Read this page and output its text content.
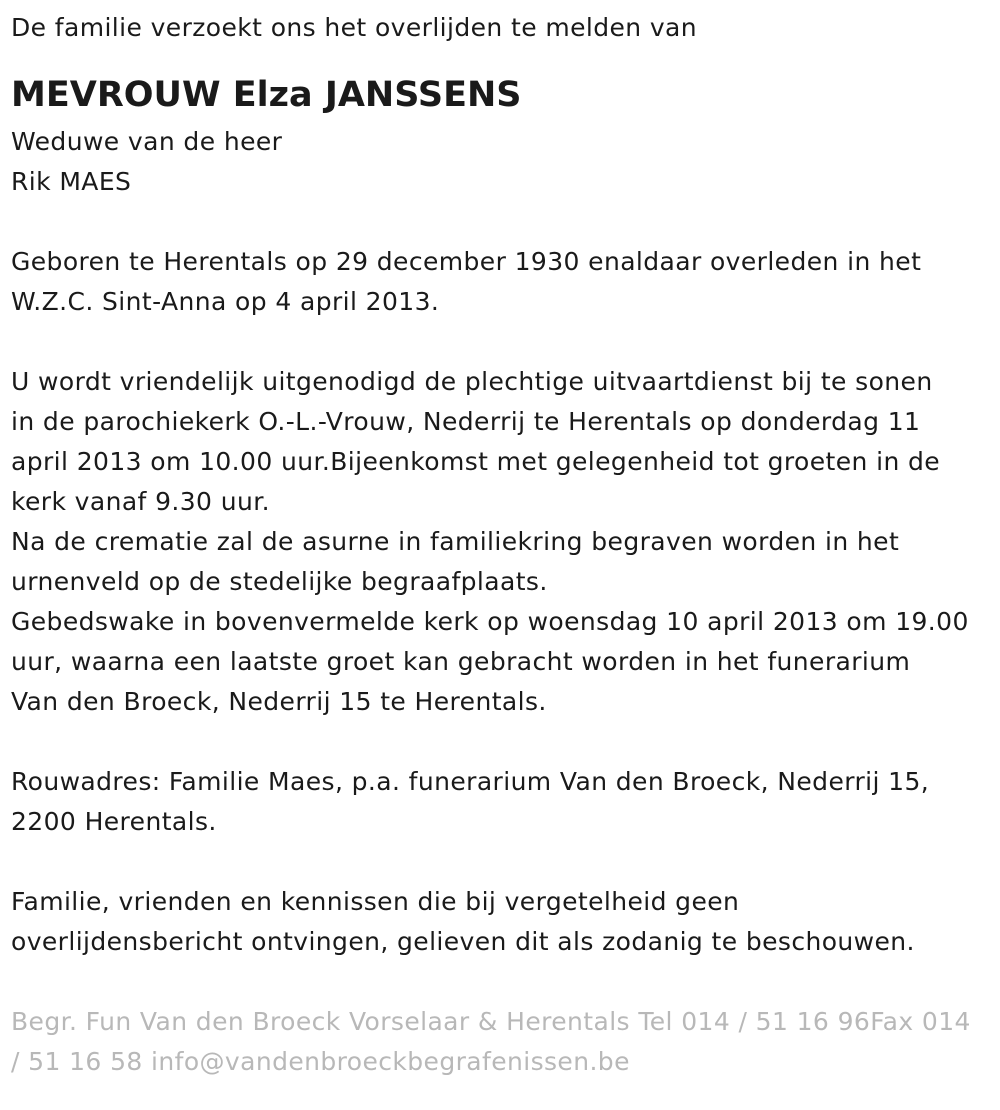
De familie verzoekt ons het overlijden te melden van
MEVROUW Elza JANSSENS
Weduwe van de heer
Rik MAES
Geboren te Herentals op 29 december 1930 enaldaar overleden in het
W.Z.C. Sint-Anna op 4 april 2013.
U wordt vriendelijk uitgenodigd de plechtige uitvaartdienst bij te sonen
in de parochiekerk O.-L.-Vrouw, Nederrij te Herentals op donderdag 11
april 2013 om 10.00 uur.Bijeenkomst met gelegenheid tot groeten in de
kerk vanaf 9.30 uur.
Na de crematie zal de asurne in familiekring begraven worden in het
urnenveld op de stedelijke begraafplaats.
Gebedswake in bovenvermelde kerk op woensdag 10 april 2013 om 19.00
uur, waarna een laatste groet kan gebracht worden in het funerarium
Van den Broeck, Nederrij 15 te Herentals.
Rouwadres: Familie Maes, p.a. funerarium Van den Broeck, Nederrij 15,
2200 Herentals.
Familie, vrienden en kennissen die bij vergetelheid geen
overlijdensbericht ontvingen, gelieven dit als zodanig te beschouwen.
Begr. Fun Van den Broeck Vorselaar & Herentals Tel 014 / 51 16 96Fax 014
/ 51 16 58 info@vandenbroeckbegrafenissen.be
